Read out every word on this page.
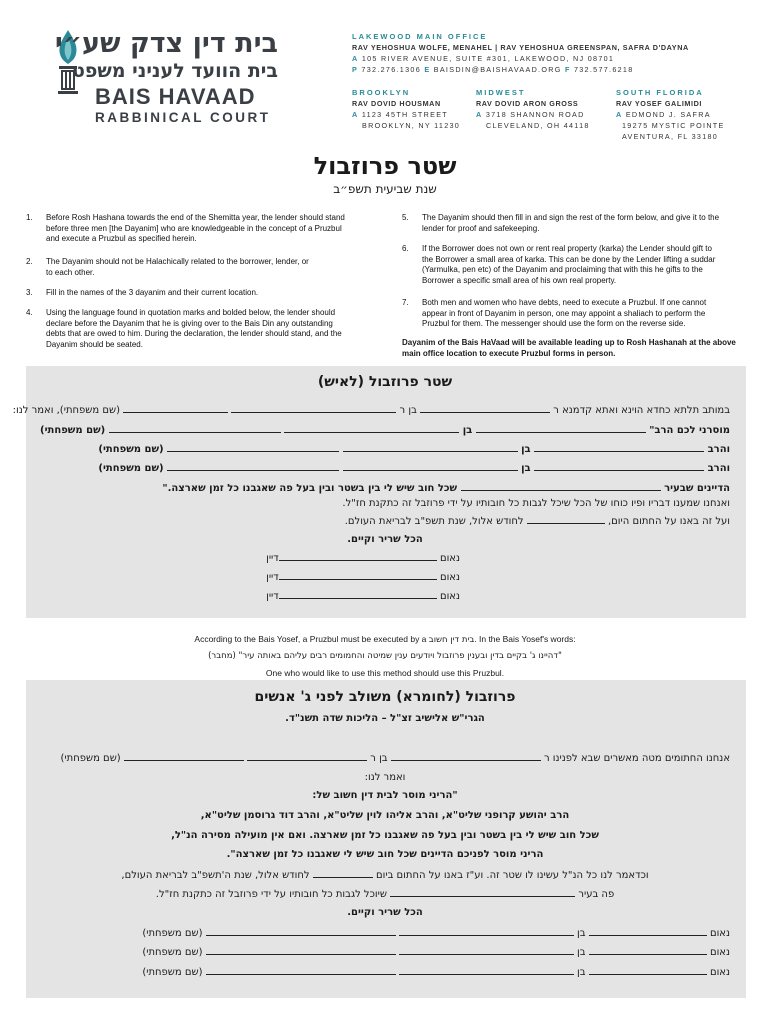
בית דין צדק שע״י
בית הוועד לעניני משפט
BAIS HAVAAD
RABBINICAL COURT
LAKEWOOD MAIN OFFICE
RAV YEHOSHUA WOLFE, MENAHEL | RAV YEHOSHUA GREENSPAN, SAFRA D'DAYNA
A 105 RIVER AVENUE, SUITE #301, LAKEWOOD, NJ 08701
P 732.276.1306 E BAISDIN@BAISHAVAAD.ORG F 732.577.6218
BROOKLYN
RAV DOVID HOUSMAN
A 1123 45TH STREET
BROOKLYN, NY 11230
MIDWEST
RAV DOVID ARON GROSS
A 3718 SHANNON ROAD
CLEVELAND, OH 44118
SOUTH FLORIDA
RAV YOSEF GALIMIDI
A EDMOND J. SAFRA
19275 MYSTIC POINTE
AVENTURA, FL 33180
שטר פרוזבול
שנת שביעית תשפ״ב
1. Before Rosh Hashana towards the end of the Shemitta year, the lender should stand
before three men [the Dayanim] who are knowledgeable in the concept of a Pruzbul
and execute a Pruzbul as specified herein.
2. The Dayanim should not be Halachically related to the borrower, lender, or
to each other.
3. Fill in the names of the 3 dayanim and their current location.
4. Using the language found in quotation marks and bolded below, the lender should
declare before the Dayanim that he is giving over to the Bais Din any outstanding
debts that are owed to him. During the declaration, the lender should stand, and the
Dayanim should be seated.
5. The Dayanim should then fill in and sign the rest of the form below, and give it to the
lender for proof and safekeeping.
6. If the Borrower does not own or rent real property (karka) the Lender should gift to
the Borrower a small area of karka. This can be done by the Lender lifting a suddar
(Yarmulka, pen etc) of the Dayanim and proclaiming that with this he gifts to the
Borrower a specific small area of his own real property.
7. Both men and women who have debts, need to execute a Pruzbul. If one cannot
appear in front of Dayanim in person, one may appoint a shaliach to perform the
Pruzbul for them. The messenger should use the form on the reverse side.
Dayanim of the Bais HaVaad will be available leading up to Rosh Hashanah at the above
main office location to execute Pruzbul forms in person.
שטר פרוזבול (לאיש)
במותב תלתא כחדא הוינא ואתא קדמנא ר  בן ר   (שם משפחתי), ואמר לנו:
מוסרני לכם הרב"  בן   (שם משפחתי)
והרב  בן   (שם משפחתי)
והרב  בן   (שם משפחתי)
הדיינים שבעיר  שכל חוב שיש לי בין בשטר ובין בעל פה שאגבנו כל זמן שארצה."
ואנחנו שמענו דבריו ופיו כוחו של הכל שיכל לגבות כל חובותיו על ידי פרוזבל זה כתקנת חז"ל.
ועל זה באנו על החתום היום,  לחודש אלול, שנת תשפ"ב לבריאת העולם.
הכל שריר וקיים.
נאום דיין
נאום דיין
נאום דיין
According to the Bais Yosef, a Pruzbul must be executed by a בית דין חשוב. In the Bais Yosef's words:
"דהיינו ג' בקיים בדין ובענין פרוזבול ויודעים ענין שמיטה והחמומים רבים עליהם באותה עיר" (מחבר)
One who would like to use this method should use this Pruzbul.
פרוזבול (לחומרא) משולב לפני ג' אנשים
הגרי"ש אלישיב זצ"ל – הליכות שדה תשנ"ד.
אנחנו החתומים מטה מאשרים שבא לפנינו ר  בן ר   (שם משפחתי)
ואמר לנו:
"הריני מוסר לבית דין חשוב של:
הרב יהושע קרופני שליט"א, והרב אליהו לוין שליט"א, והרב דוד גרוסמן שליט"א,
שכל חוב שיש לי בין בשטר ובין בעל פה שאגבנו כל זמן שארצה. ואם אין מועילה מסירה הנ"ל,
הריני מוסר לפניכם הדיינים שכל חוב שיש לי שאגבנו כל זמן שארצה".
וכדאמר לנו כל הנ"ל עשינו לו שטר זה. וע"ז באנו על החתום ביום  לחודש אלול, שנת ה'תשפ"ב לבריאת העולם,
פה בעיר  שיוכל לגבות כל חובותיו על ידי פרוזבל זה כתקנת חז"ל.
הכל שריר וקיים.
נאום  בן   (שם משפחתי)
נאום  בן   (שם משפחתי)
נאום  בן   (שם משפחתי)
